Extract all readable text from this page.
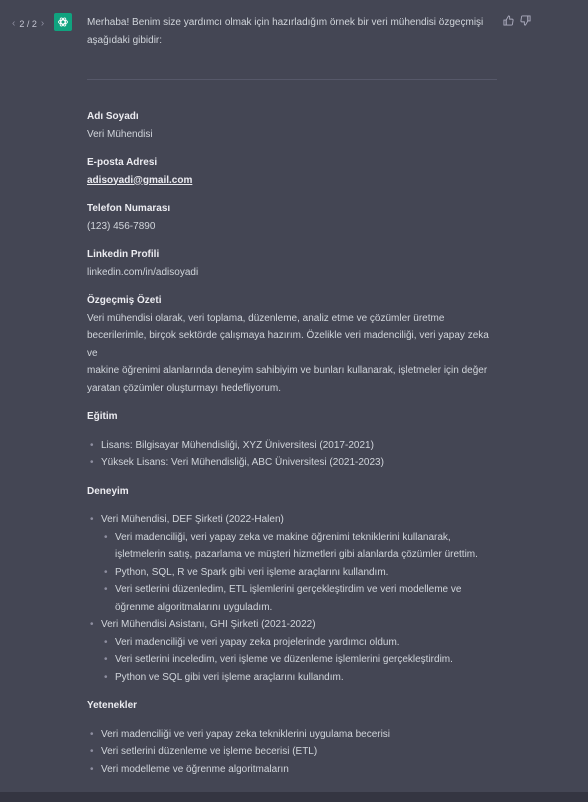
‹ 2 / 2 ›	Merhaba! Benim size yardımcı olmak için hazırladığım örnek bir veri mühendisi özgeçmişi aşağıdaki gibidir:

Adı Soyadı
Veri Mühendisi
E-posta Adresi
adisoyadi@gmail.com
Telefon Numarası
(123) 456-7890
Linkedin Profili
linkedin.com/in/adisoyadi
Özgeçmiş Özeti

Veri mühendisi olarak, veri toplama, düzenleme, analiz etme ve çözümler üretme

becerilerimle, birçok sektörde çalışmaya hazırım. Özelikle veri madenciliği, veri yapay zeka ve

makine öğrenimi alanlarında deneyim sahibiyim ve bunları kullanarak, işletmeler için değer

yaratan çözümler oluşturmayı hedefliyorum.

Eğitim
• Lisans: Bilgisayar Mühendisliği, XYZ Üniversitesi (2017-2021)
• Yüksek Lisans: Veri Mühendisliği, ABC Üniversitesi (2021-2023)
Deneyim
• Veri Mühendisi, DEF Şirketi (2022-Halen)
• Veri madenciliği, veri yapay zeka ve makine öğrenimi tekniklerini kullanarak, işletmelerin satış, pazarlama ve müşteri hizmetleri gibi alanlarda çözümler ürettim.
• Python, SQL, R ve Spark gibi veri işleme araçlarını kullandım.
• Veri setlerini düzenledim, ETL işlemlerini gerçekleştirdim ve veri modelleme ve öğrenme algoritmalarını uyguladım.
• Veri Mühendisi Asistanı, GHI Şirketi (2021-2022)
• Veri madenciliği ve veri yapay zeka projelerinde yardımcı oldum.
• Veri setlerini inceledim, veri işleme ve düzenleme işlemlerini gerçekleştirdim.
• Python ve SQL gibi veri işleme araçlarını kullandım.
Yetenekler
• Veri madenciliği ve veri yapay zeka tekniklerini uygulama becerisi
• Veri setlerini düzenleme ve işleme becerisi (ETL)
• Veri modelleme ve öğrenme algoritmaların
